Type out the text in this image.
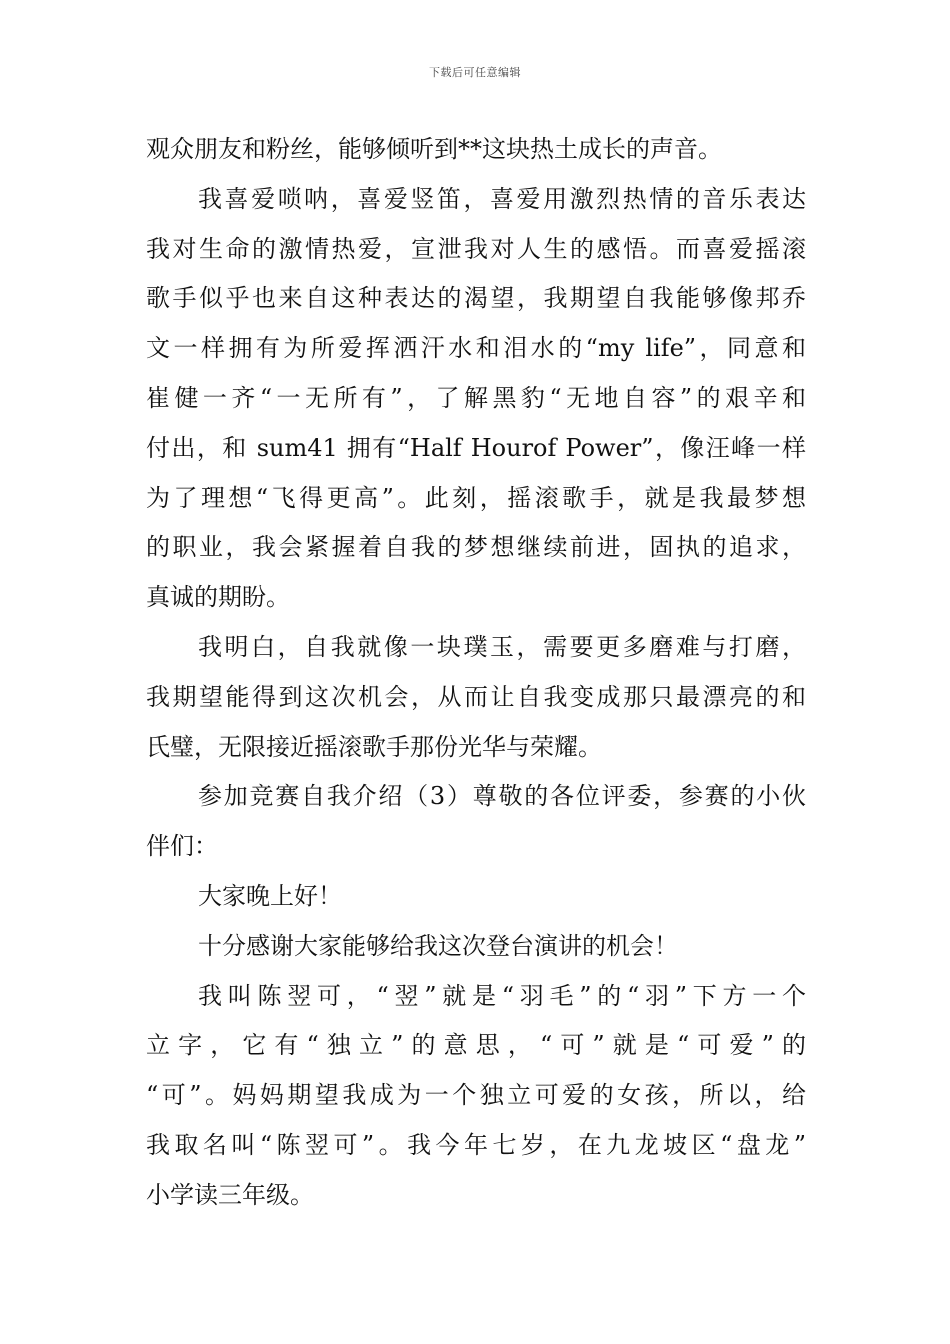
下载后可任意编辑
观众朋友和粉丝，能够倾听到**这块热土成长的声音。
我喜爱唢呐，喜爱竖笛，喜爱用激烈热情的音乐表达
我对生命的激情热爱，宣泄我对人生的感悟。而喜爱摇滚
歌手似乎也来自这种表达的渴望，我期望自我能够像邦乔
文一样拥有为所爱挥洒汗水和泪水的“my life”，同意和
崔健一齐“一无所有”，了解黑豹“无地自容”的艰辛和
付出，和 sum41 拥有“Half Hourof Power”，像汪峰一样
为了理想“飞得更高”。此刻，摇滚歌手，就是我最梦想
的职业，我会紧握着自我的梦想继续前进，固执的追求，
真诚的期盼。
我明白，自我就像一块璞玉，需要更多磨难与打磨，
我期望能得到这次机会，从而让自我变成那只最漂亮的和
氏璧，无限接近摇滚歌手那份光华与荣耀。
参加竞赛自我介绍（3）尊敬的各位评委，参赛的小伙
伴们：
大家晚上好！
十分感谢大家能够给我这次登台演讲的机会！
我叫陈翌可，“翌”就是“羽毛”的“羽”下方一个
立字，它有“独立”的意思，“可”就是“可爱”的
“可”。妈妈期望我成为一个独立可爱的女孩，所以，给
我取名叫“陈翌可”。我今年七岁，在九龙坡区“盘龙”
小学读三年级。
